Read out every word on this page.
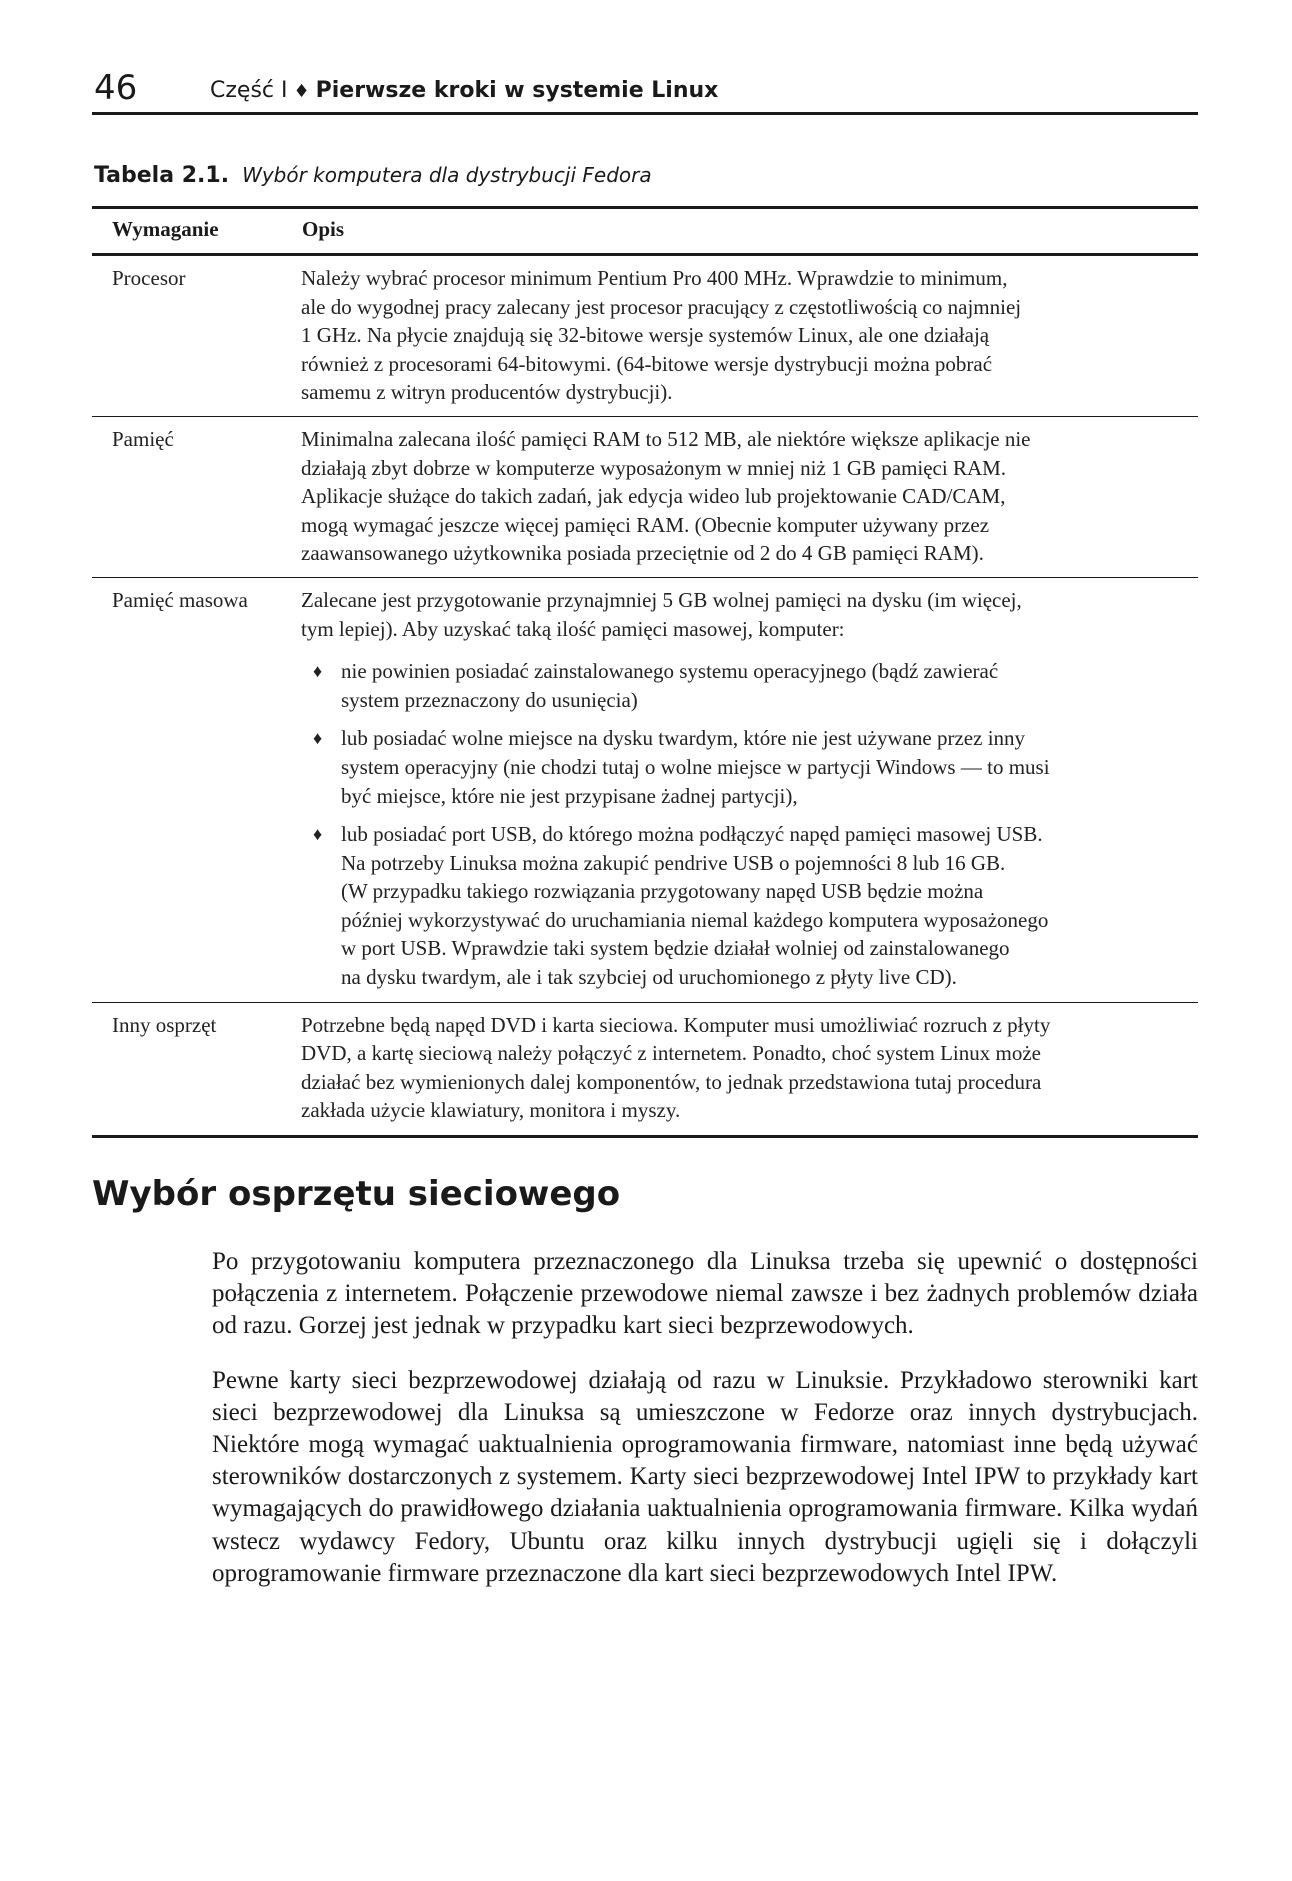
46	Część I ♦ Pierwsze kroki w systemie Linux
Tabela 2.1. Wybór komputera dla dystrybucji Fedora
Wymaganie	Opis
Procesor	Należy wybrać procesor minimum Pentium Pro 400 MHz. Wprawdzie to minimum,
ale do wygodnej pracy zalecany jest procesor pracujący z częstotliwością co najmniej
1 GHz. Na płycie znajdują się 32-bitowe wersje systemów Linux, ale one działają
również z procesorami 64-bitowymi. (64-bitowe wersje dystrybucji można pobrać
samemu z witryn producentów dystrybucji).
Pamięć	Minimalna zalecana ilość pamięci RAM to 512 MB, ale niektóre większe aplikacje nie
działają zbyt dobrze w komputerze wyposażonym w mniej niż 1 GB pamięci RAM.
Aplikacje służące do takich zadań, jak edycja wideo lub projektowanie CAD/CAM,
mogą wymagać jeszcze więcej pamięci RAM. (Obecnie komputer używany przez
zaawansowanego użytkownika posiada przeciętnie od 2 do 4 GB pamięci RAM).
Pamięć masowa	Zalecane jest przygotowanie przynajmniej 5 GB wolnej pamięci na dysku (im więcej,
tym lepiej). Aby uzyskać taką ilość pamięci masowej, komputer:
♦ nie powinien posiadać zainstalowanego systemu operacyjnego (bądź zawierać
system przeznaczony do usunięcia)
♦ lub posiadać wolne miejsce na dysku twardym, które nie jest używane przez inny
system operacyjny (nie chodzi tutaj o wolne miejsce w partycji Windows — to musi
być miejsce, które nie jest przypisane żadnej partycji),
♦ lub posiadać port USB, do którego można podłączyć napęd pamięci masowej USB.
Na potrzeby Linuksa można zakupić pendrive USB o pojemności 8 lub 16 GB.
(W przypadku takiego rozwiązania przygotowany napęd USB będzie można
później wykorzystywać do uruchamiania niemal każdego komputera wyposażonego
w port USB. Wprawdzie taki system będzie działał wolniej od zainstalowanego
na dysku twardym, ale i tak szybciej od uruchomionego z płyty live CD).
Inny osprzęt	Potrzebne będą napęd DVD i karta sieciowa. Komputer musi umożliwiać rozruch z płyty
DVD, a kartę sieciową należy połączyć z internetem. Ponadto, choć system Linux może
działać bez wymienionych dalej komponentów, to jednak przedstawiona tutaj procedura
zakłada użycie klawiatury, monitora i myszy.
Wybór osprzętu sieciowego

Po przygotowaniu komputera przeznaczonego dla Linuksa trzeba się upewnić o dostępności połączenia z internetem. Połączenie przewodowe niemal zawsze i bez żadnych problemów działa od razu. Gorzej jest jednak w przypadku kart sieci bezprzewodowych.

Pewne karty sieci bezprzewodowej działają od razu w Linuksie. Przykładowo sterowniki kart sieci bezprzewodowej dla Linuksa są umieszczone w Fedorze oraz innych dystrybucjach. Niektóre mogą wymagać uaktualnienia oprogramowania firmware, natomiast inne będą używać sterowników dostarczonych z systemem. Karty sieci bezprzewodowej Intel IPW to przykłady kart wymagających do prawidłowego działania uaktualnienia oprogramowania firmware. Kilka wydań wstecz wydawcy Fedory, Ubuntu oraz kilku innych dystrybucji ugięli się i dołączyli oprogramowanie firmware przeznaczone dla kart sieci bezprzewodowych Intel IPW.
